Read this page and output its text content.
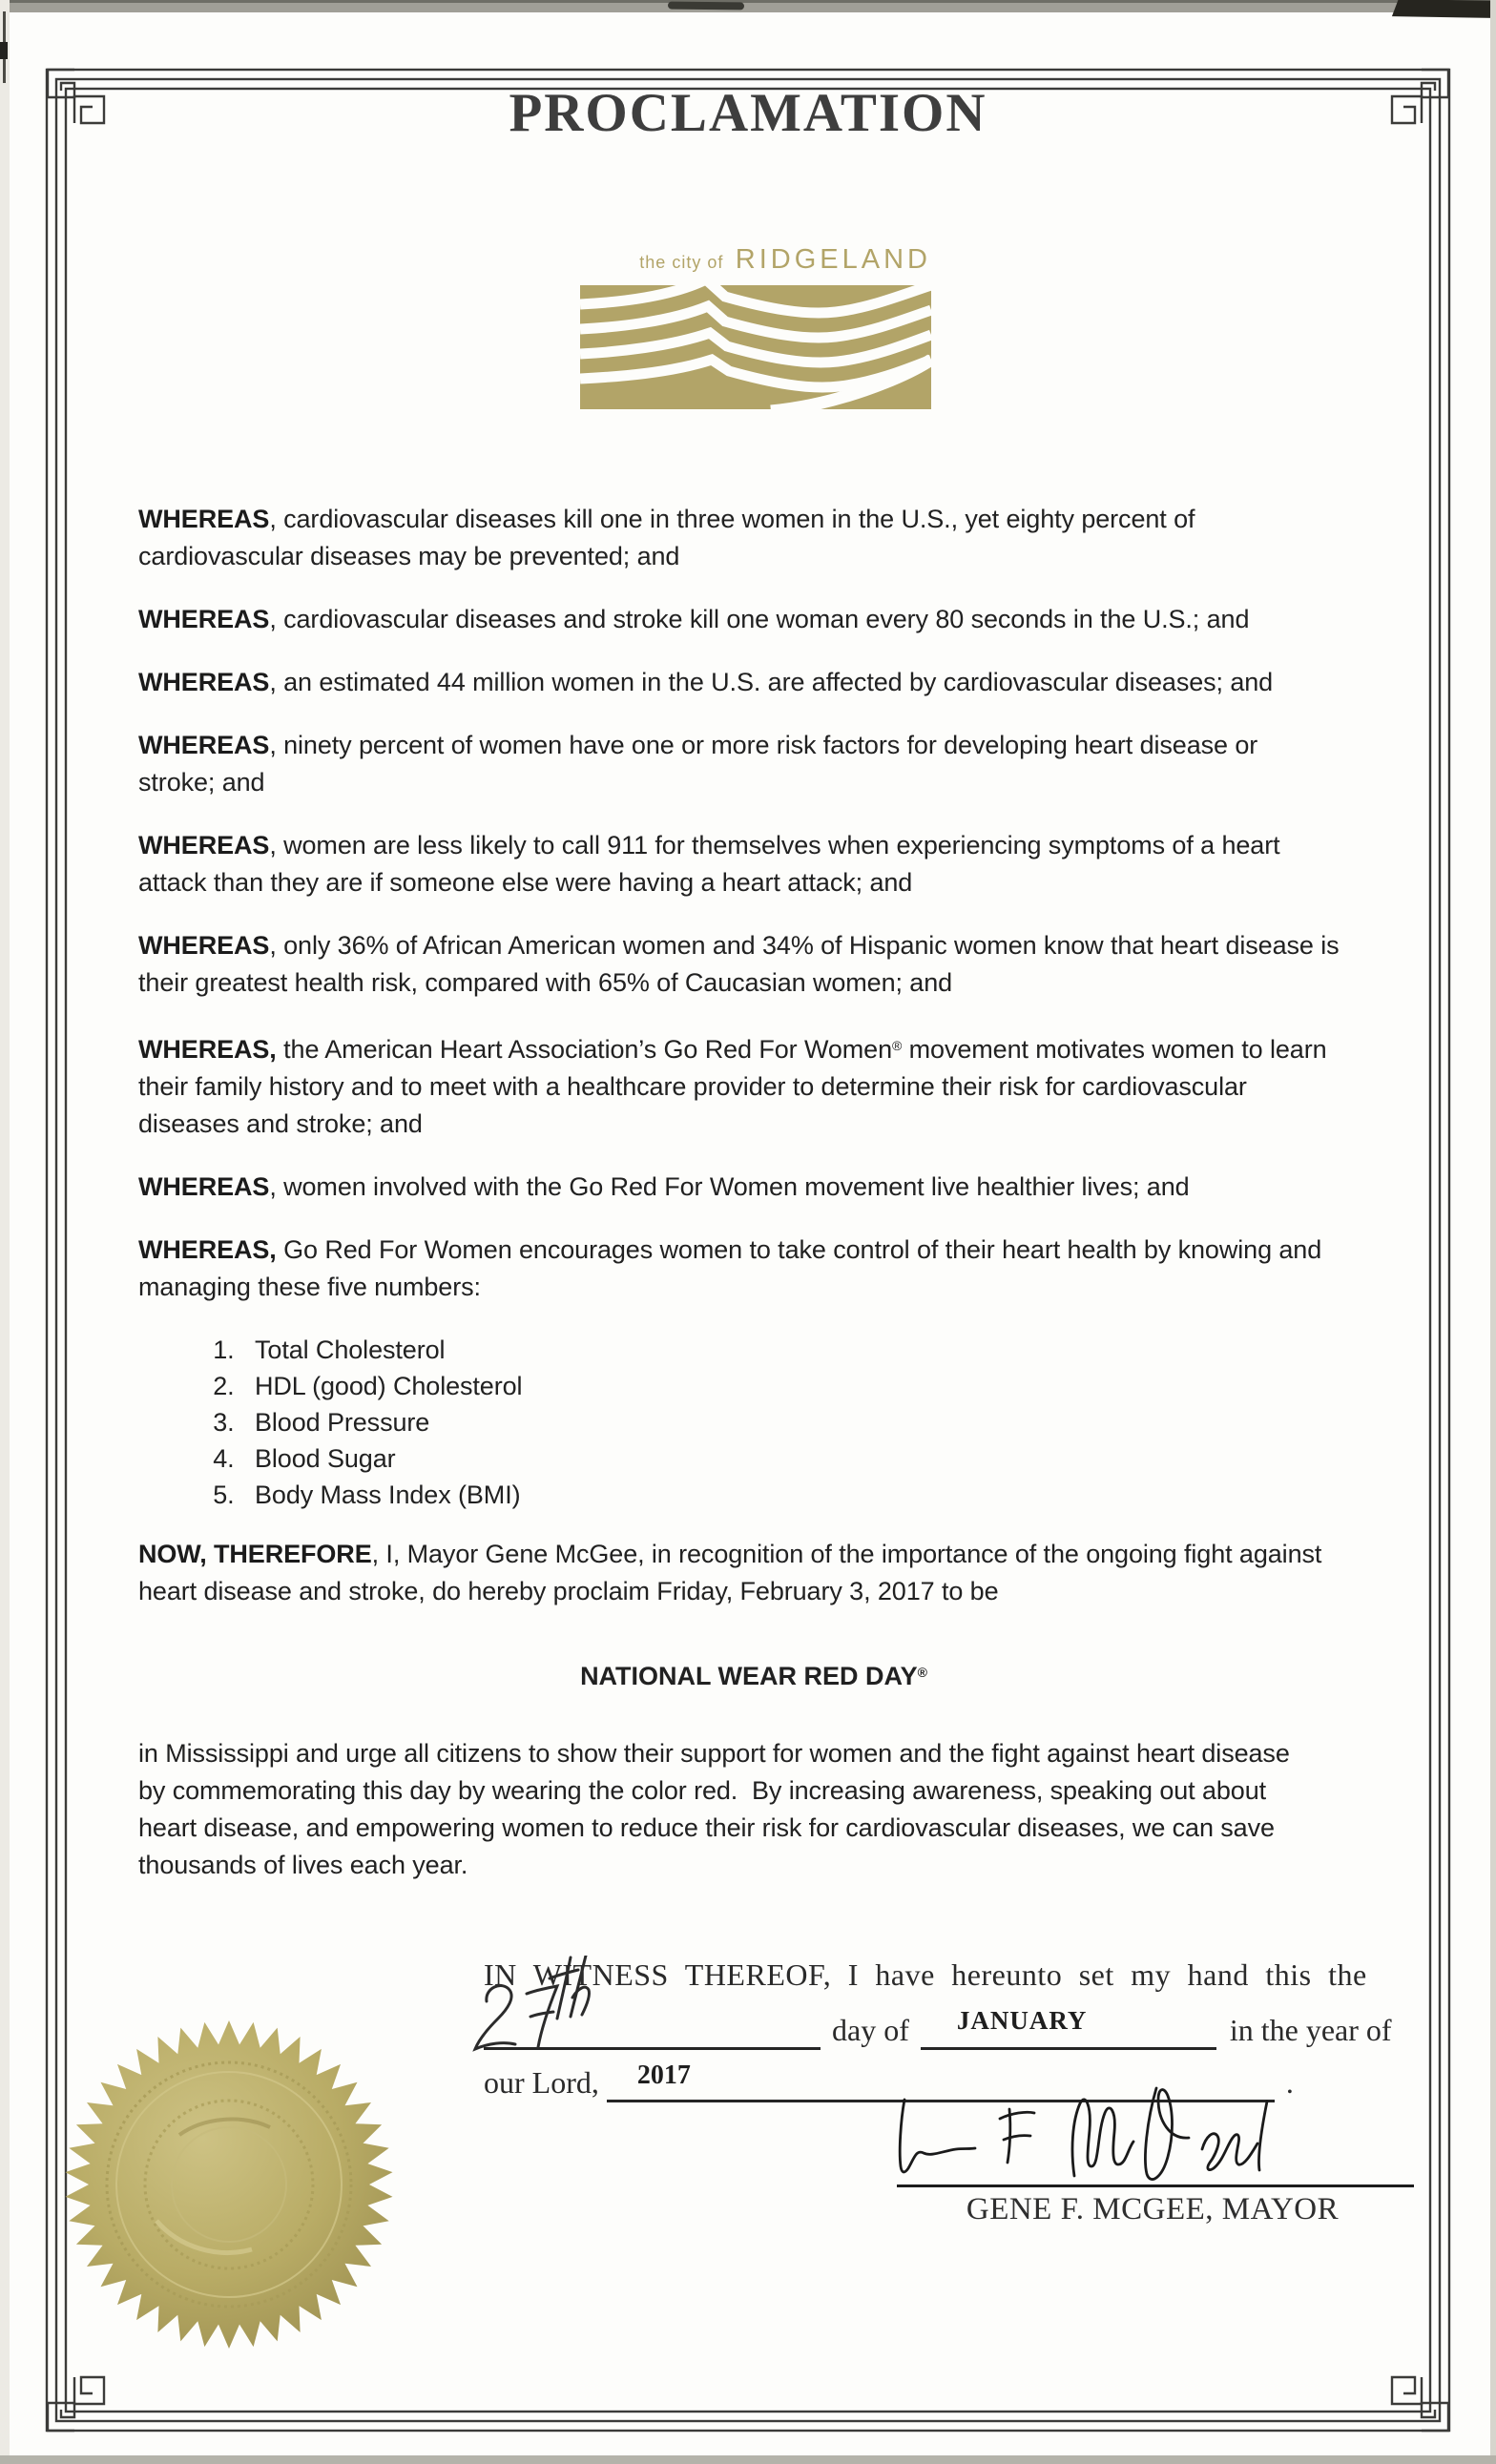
PROCLAMATION
the city of RIDGELAND

WHEREAS, cardiovascular diseases kill one in three women in the U.S., yet eighty percent of
cardiovascular diseases may be prevented; and

WHEREAS, cardiovascular diseases and stroke kill one woman every 80 seconds in the U.S.; and

WHEREAS, an estimated 44 million women in the U.S. are affected by cardiovascular diseases; and

WHEREAS, ninety percent of women have one or more risk factors for developing heart disease or
stroke; and

WHEREAS, women are less likely to call 911 for themselves when experiencing symptoms of a heart
attack than they are if someone else were having a heart attack; and

WHEREAS, only 36% of African American women and 34% of Hispanic women know that heart disease is
their greatest health risk, compared with 65% of Caucasian women; and

WHEREAS, the American Heart Association’s Go Red For Women® movement motivates women to learn
their family history and to meet with a healthcare provider to determine their risk for cardiovascular
diseases and stroke; and

WHEREAS, women involved with the Go Red For Women movement live healthier lives; and

WHEREAS, Go Red For Women encourages women to take control of their heart health by knowing and
managing these five numbers:

1. Total Cholesterol
2. HDL (good) Cholesterol
3. Blood Pressure
4. Blood Sugar
5. Body Mass Index (BMI)

NOW, THEREFORE, I, Mayor Gene McGee, in recognition of the importance of the ongoing fight against
heart disease and stroke, do hereby proclaim Friday, February 3, 2017 to be

NATIONAL WEAR RED DAY®

in Mississippi and urge all citizens to show their support for women and the fight against heart disease
by commemorating this day by wearing the color red.  By increasing awareness, speaking out about
heart disease, and empowering women to reduce their risk for cardiovascular diseases, we can save
thousands of lives each year.

IN WITNESS THEREOF, I have hereunto set my hand this the
day of	JANUARY	in the year of
our Lord,	2017	.
GENE F. MCGEE, MAYOR
